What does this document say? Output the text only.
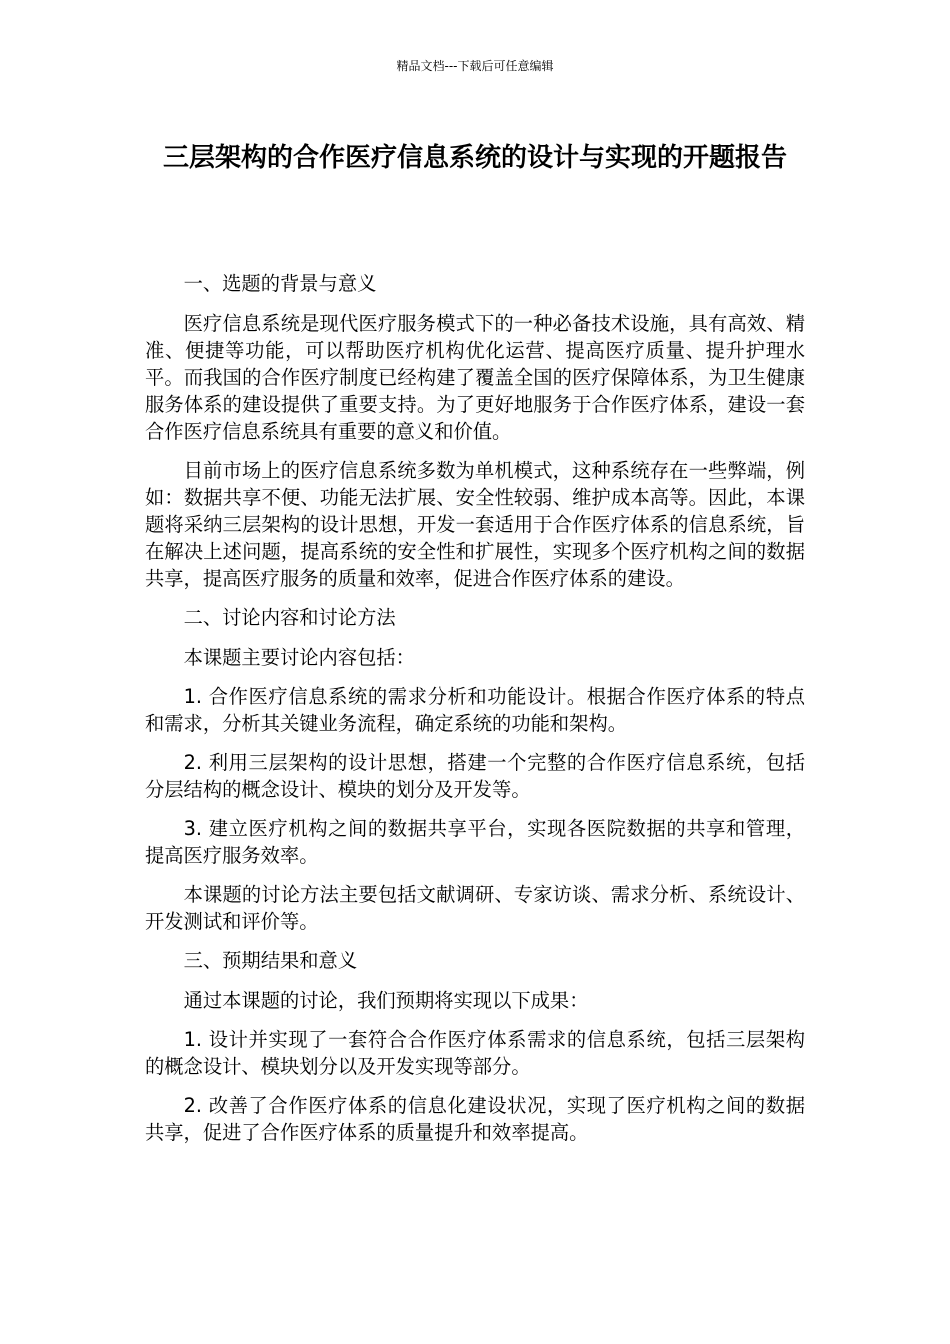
精品文档---下载后可任意编辑
三层架构的合作医疗信息系统的设计与实现的开题报告

一、选题的背景与意义

医疗信息系统是现代医疗服务模式下的一种必备技术设施，具有高效、精准、便捷等功能，可以帮助医疗机构优化运营、提高医疗质量、提升护理水平。而我国的合作医疗制度已经构建了覆盖全国的医疗保障体系，为卫生健康服务体系的建设提供了重要支持。为了更好地服务于合作医疗体系，建设一套合作医疗信息系统具有重要的意义和价值。

目前市场上的医疗信息系统多数为单机模式，这种系统存在一些弊端，例如：数据共享不便、功能无法扩展、安全性较弱、维护成本高等。因此，本课题将采纳三层架构的设计思想，开发一套适用于合作医疗体系的信息系统，旨在解决上述问题，提高系统的安全性和扩展性，实现多个医疗机构之间的数据共享，提高医疗服务的质量和效率，促进合作医疗体系的建设。

二、讨论内容和讨论方法

本课题主要讨论内容包括：

1. 合作医疗信息系统的需求分析和功能设计。根据合作医疗体系的特点和需求，分析其关键业务流程，确定系统的功能和架构。

2. 利用三层架构的设计思想，搭建一个完整的合作医疗信息系统，包括分层结构的概念设计、模块的划分及开发等。

3. 建立医疗机构之间的数据共享平台，实现各医院数据的共享和管理，提高医疗服务效率。

本课题的讨论方法主要包括文献调研、专家访谈、需求分析、系统设计、开发测试和评价等。

三、预期结果和意义

通过本课题的讨论，我们预期将实现以下成果：

1. 设计并实现了一套符合合作医疗体系需求的信息系统，包括三层架构的概念设计、模块划分以及开发实现等部分。

2. 改善了合作医疗体系的信息化建设状况，实现了医疗机构之间的数据共享，促进了合作医疗体系的质量提升和效率提高。
